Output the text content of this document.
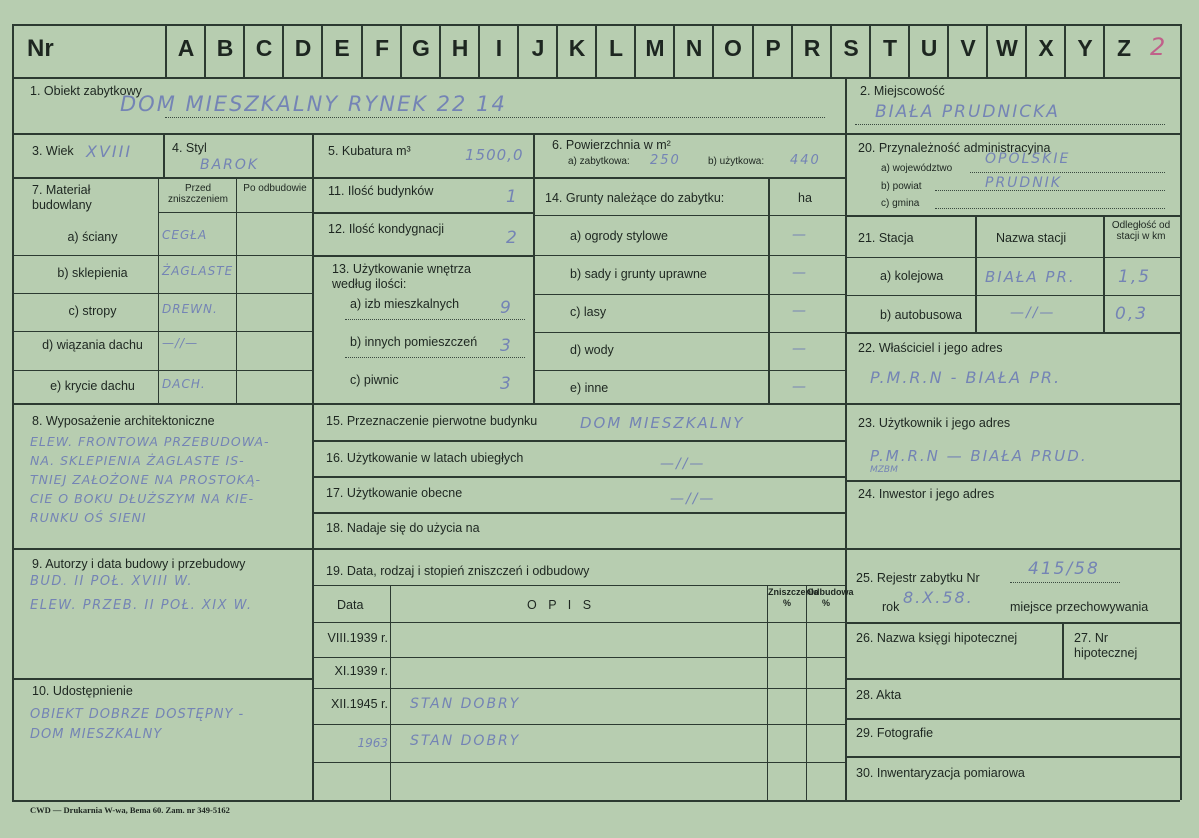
Nr	A B C D	E	F	G H	I	J	K	L M N O	P	R	S	T	U	V W X	Y	Z 2
1. Obiekt zabytkowy
DOM MIESZKALNY RYNEK 22 14
2. Miejscowość
BIAŁA PRUDNICKA
3. Wiek XVIII	4. Styl
BAROK
5. Kubatura m³	1500,0
6. Powierzchnia w m²
a) zabytkowa: 250	b) użytkowa: 440
7. Materiał budowlany
Przed zniszczeniem
Po odbudowie	11. Ilość budynków	1
12. Ilość kondygnacji	2
13. Użytkowanie wnętrza według ilości:
14. Grunty należące do zabytku:	ha
20. Przynależność administracyjna
a) województwo
OPOLSKIE
b) powiat	PRUDNIK
c) gmina
21. Stacja	Nazwa stacji
Odległość od stacji w km
a) kolejowa	BIAŁA PR. 1,5
b) autobusowa	—//—	0,3
22. Właściciel i jego adres
P.M.R.N - BIAŁA PR.
23. Użytkownik i jego adres
P.M.R.N — BIAŁA PRUD.
MZBM
24. Inwestor i jego adres
8. Wyposażenie architektoniczne	15. Przeznaczenie pierwotne budynku	DOM MIESZKALNY
16. Użytkowanie w latach ubiegłych	—//—
17. Użytkowanie obecne	—//—
18. Nadaje się do użycia na
9. Autorzy i data budowy i przebudowy	19. Data, rodzaj i stopień zniszczeń i odbudowy
Data	O P I S
Zniszczenia %
Odbudowa %
10. Udostępnienie
25. Rejestr zabytku Nr	415/58
rok 8.X.58.	miejsce przechowywania
26. Nazwa księgi hipotecznej	27. Nr hipotecznej
28. Akta
29. Fotografie
30. Inwentaryzacja pomiarowa
CWD — Drukarnia W-wa, Bema 60. Zam. nr 349-5162
a) ściany	CEGŁA
b) sklepienia	ŻAGLASTE
c) stropy	DREWN.
d) wiązania dachu	—//—
e) krycie dachu	DACH.
a) izb mieszkalnych 9
b) innych pomieszczeń 3
c) piwnic	3
a) ogrody stylowe	—
b) sady i grunty uprawne	—
c) lasy	—
d) wody	—
e) inne	—
ELEW. FRONTOWA PRZEBUDOWA-
NA. SKLEPIENIA ŻAGLASTE IS-
TNIEJ ZAŁOŻONE NA PROSTOKĄ-
CIE O BOKU DŁUŻSZYM NA KIE-
RUNKU OŚ SIENI
BUD. II POŁ. XVIII W.
ELEW. PRZEB. II POŁ. XIX W.
OBIEKT DOBRZE DOSTĘPNY -
DOM MIESZKALNY
VIII.1939 r.
XI.1939 r.
XII.1945 r. STAN DOBRY
1963 STAN DOBRY
